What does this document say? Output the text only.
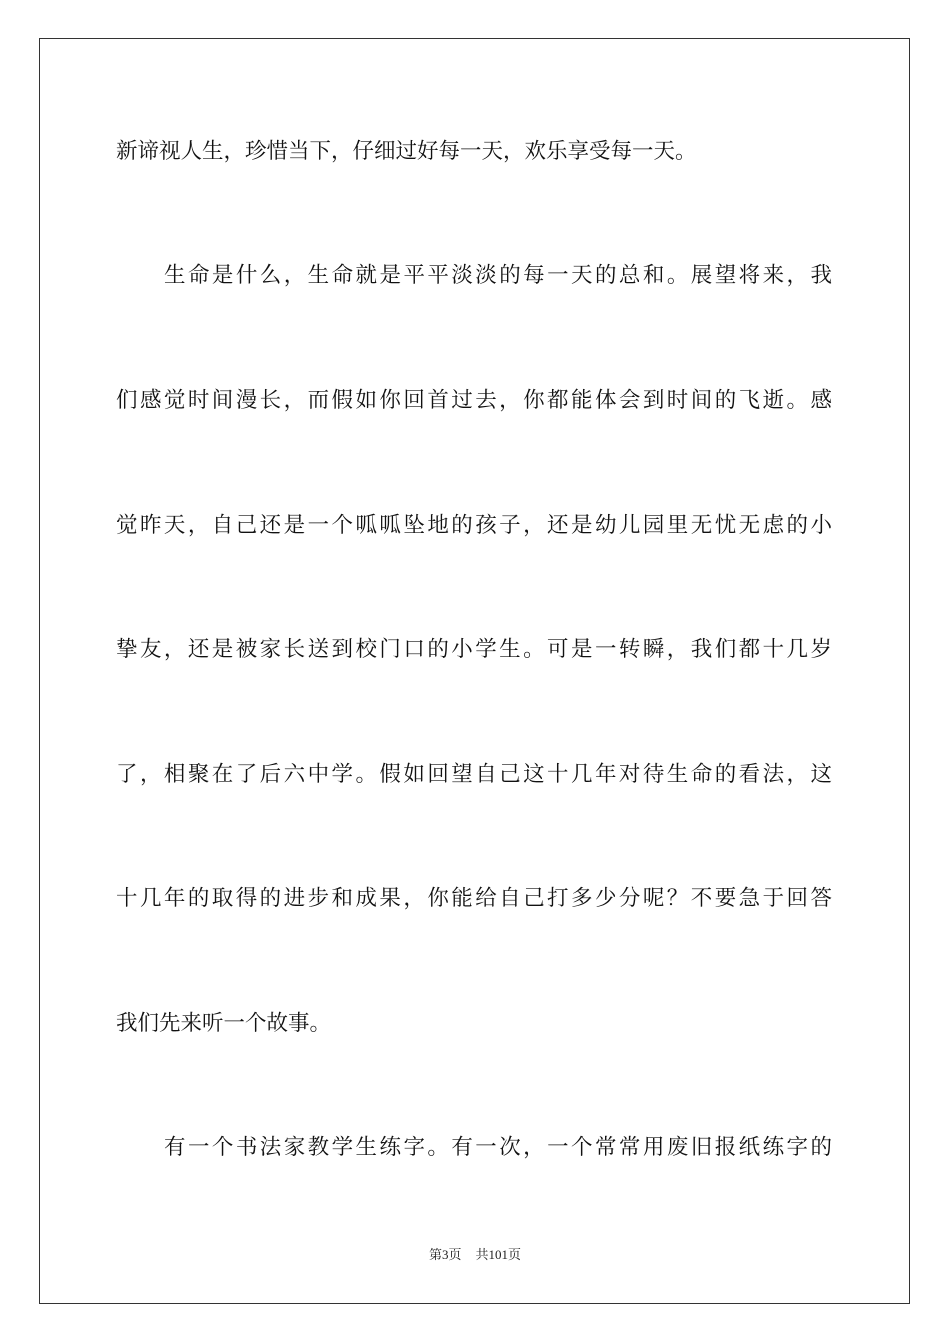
新谛视人生，珍惜当下，仔细过好每一天，欢乐享受每一天。
生命是什么，生命就是平平淡淡的每一天的总和。展望将来，我
们感觉时间漫长，而假如你回首过去，你都能体会到时间的飞逝。感
觉昨天，自己还是一个呱呱坠地的孩子，还是幼儿园里无忧无虑的小
挚友，还是被家长送到校门口的小学生。可是一转瞬，我们都十几岁
了，相聚在了后六中学。假如回望自己这十几年对待生命的看法，这
十几年的取得的进步和成果，你能给自己打多少分呢？不要急于回答
我们先来听一个故事。
有一个书法家教学生练字。有一次，一个常常用废旧报纸练字的
第3页 共101页
